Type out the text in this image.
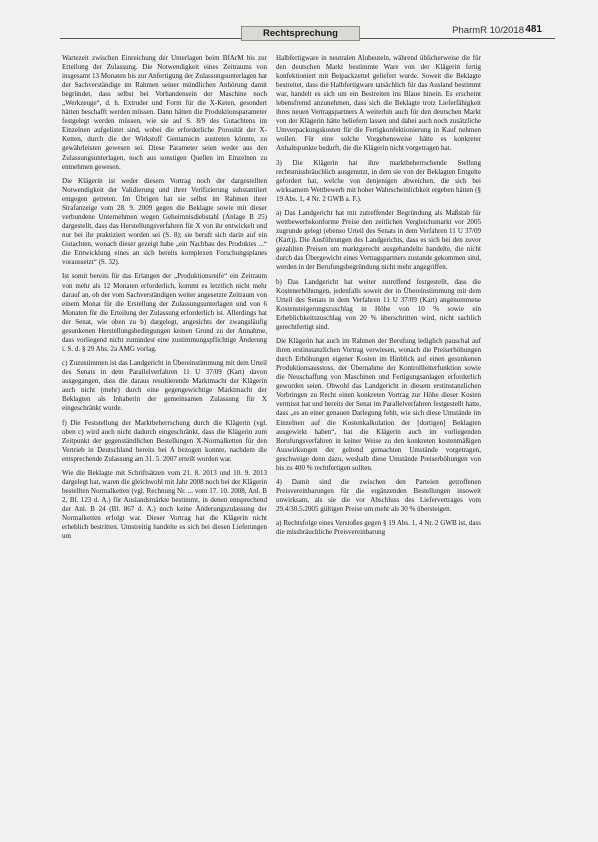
Rechtsprechung	PharmR 10/2018 481

Wartezeit zwischen Einreichung der Unterlagen beim BfArM bis zur Erteilung der Zulassung. Die Notwendigkeit eines Zeitraums von insgesamt 13 Monaten bis zur Anfertigung der Zulassungsunterlagen hat der Sachverständige im Rahmen seiner mündlichen Anhörung damit begründet, dass selbst bei Vorhandensein der Maschine noch „Werkzeuge“, d. h. Extruder und Form für die X-Keten, gesondert hätten beschafft werden müssen. Dann hätten die Produktionsparameter festgelegt werden müssen, wie sie auf S. 8/9 des Gutachtens im Einzelnen aufgelistet sind, wobei die erforderliche Porosität der X-Ketten, durch die der Wirkstoff Gentamicin austreten könnte, zu gewährleisten gewesen sei. Diese Parameter seien weder aus den Zulassungsunterlagen, noch aus sonstigen Quellen im Einzelnen zu entnehmen gewesen.

Die Klägerin ist weder diesem Vortrag noch der dargestellten Notwendigkeit der Validierung und ihrer Verifizierung substantiiert entgegen getreten. Im Übrigen hat sie selbst im Rahmen ihrer Strafanzeige vom 28. 9. 2009 gegen die Beklagte sowie mit dieser verbundene Unternehmen wegen Geheimnisdiebstahl (Anlage B 25) dargestellt, dass das Herstellungsverfahren für X von ihr entwickelt und nur bei ihr praktiziert worden sei (S. 8); sie beruft sich darin auf ein Gutachten, wonach dieser gezeigt habe „ein Nachbau des Produktes ...“ die Entwicklung eines an sich bereits komplexen Forschungsplanes voraussetzt“ (S. 32).

Ist somit bereits für das Erlangen der „Produktionsreife“ ein Zeitraum von mehr als 12 Monaten erforderlich, kommt es letztlich nicht mehr darauf an, ob der vom Sachverständigen weiter angesetzte Zeitraum von einem Monat für die Erstellung der Zulassungsunterlagen und von 6 Monaten für die Erteilung der Zulassung erforderlich ist. Allerdings hat der Senat, wie oben zu b) dargelegt, angesichts der zwangsläufig gesunkenen Herstellungsbedingungen keinen Grund zu der Annahme, dass vorliegend nicht zumindest eine zustimmungspflichtige Änderung i. S. d. § 29 Abs. 2a AMG vorlag.

c) Zuzustimmen ist das Landgericht in Übereinstimmung mit dem Urteil des Senats in dem Parallelverfahren 11 U 37/09 (Kart) davon ausgegangen, dass die daraus resultierende Marktmacht der Klägerin auch nicht (mehr) durch eine gegengewichtige Marktmacht der Beklagten als Inhaberin der gemeinsamen Zulassung für X eingeschränkt wurde.

f) Die Feststellung der Marktbeherrschung durch die Klägerin (vgl. oben c) wird auch nicht dadurch eingeschränkt, dass die Klägerin zum Zeitpunkt der gegenständlichen Bestellungen X-Normalketten für den Vertrieb in Deutschland bereits bei A bezogen konnte, nachdem die entsprechende Zulassung am 31. 5. 2007 erteilt worden war.

Wie die Beklagte mit Schriftsätzen vom 21. 8. 2013 und 10. 9. 2013 dargelegt hat, waren die gleichwohl mit Jahr 2008 noch bei der Klägerin bestellten Normalketten (vgl. Rechnung Nr. ... vom 17. 10. 2008, Anl. B 2, Bl. 123 d. A.) für Auslandsmärkte bestimmt, in denen entsprechend der Anl. B 24 (Bl. 867 d. A.) noch keine Änderungszulassung der Normalketten erfolgt war. Dieser Vortrag hat die Klägerin nicht erheblich bestritten. Umstreitig handelte es sich bei diesen Lieferungen um

Halbfertigware in neutralen Alubeuteln, während üblicherweise die für den deutschen Markt bestimmte Ware von der Klägerin fertig konfektioniert mit Beipackzettel geliefert wurde. Soweit die Beklagte bestreitet, dass die Halbfertigware tatsächlich für das Ausland bestimmt war, handelt es sich um ein Bestreiten ins Blaue hinein. Es erscheint lebensfremd anzunehmen, dass sich die Beklagte trotz Lieferfähigkeit ihres neuen Vertragspartners A weiterhin auch für den deutschen Markt von der Klägerin hätte beliefern lassen und dabei auch noch zusätzliche Umverpackungskosten für die Fertigkonfektionierung in Kauf nehmen wollen. Für eine solche Vorgehensweise hätte es konkreter Anhaltspunkte bedurft, die die Klägerin nicht vorgetragen hat.

3) Die Klägerin hat ihre marktbeherrschende Stellung rechtsmissbräuchlich ausgenutzt, in dem sie von der Beklagten Entgelte gefordert hat, welche von denjenigen abweichen, die sich bei wirksamem Wettbewerb mit hoher Wahrscheinlichkeit ergeben hätten (§ 19 Abs. 1, 4 Nr. 2 GWB a. F.).

a) Das Landgericht hat mit zutreffender Begründung als Maßstab für wettbewerbskonforme Preise den zeitlichen Vergleichsmarkt vor 2005 zugrunde gelegt (ebenso Urteil des Senats in dem Verfahren 11 U 37/09 (Kart)). Die Ausführungen des Landgerichts, dass es sich bei den zuvor gezahlten Preisen um marktgerecht ausgehandelte handelte, die nicht durch das Übergewicht eines Vertragspartners zustande gekommen sind, werden in der Berufungsbegründung nicht mehr angegriffen.

b) Das Landgericht hat weiter zutreffend festgestellt, dass die Kostenerhöhungen, jedenfalls soweit der in Übereinstimmung mit dem Urteil des Senats in dem Verfahren 11 U 37/09 (Kart) angenommene Kostensteigerungszuschlag in Höhe von 10 % sowie ein Erheblichkeitszuschlag von 20 % überschritten wird, nicht sachlich gerechtfertigt sind.

Die Klägerin hat auch im Rahmen der Berufung lediglich pauschal auf ihren erstinstanzlichen Vortrag verwiesen, wonach die Preiserhöhungen durch Erhöhungen eigener Kosten im Hinblick auf einen gesunkenen Produktionsausstoss, der Übernahme der Kontrollleiterfunktion sowie die Neuschaffung von Maschinen und Fertigungsanlagen erforderlich geworden seien. Obwohl das Landgericht in diesem erstinstanzlichen Vorbringen zu Recht einen konkreten Vortrag zur Höhe dieser Kosten vermisst hat und bereits der Senat im Parallelverfahren festgestellt hatte, dass „es an einer genauen Darlegung fehlt, wie sich diese Umstände im Einzelnen auf die Kostenkalkulation der [dortigen] Beklagten ausgewirkt haben“, hat die Klägerin auch im vorliegenden Berufungsverfahren in keiner Weise zu den konkreten kostenmäßigen Auswirkungen der geltend gemachten Umstände vorgetragen, geschweige denn dazu, weshalb diese Umstände Preiserhöhungen von bis zu 400 % rechtfertigen sollten.

4) Damit sind die zwischen den Parteien getroffenen Preisvereinbarungen für die ergänzenden Bestellungen insoweit unwirksam, als sie die vor Abschluss des Liefervertrages vom 29.4/30.5.2005 gültigen Preise um mehr als 30 % übersteigen.

a) Rechtsfolge eines Verstoßes gegen § 19 Abs. 1, 4 Nr. 2 GWB ist, dass die missbräuchliche Preisvereinbarung
